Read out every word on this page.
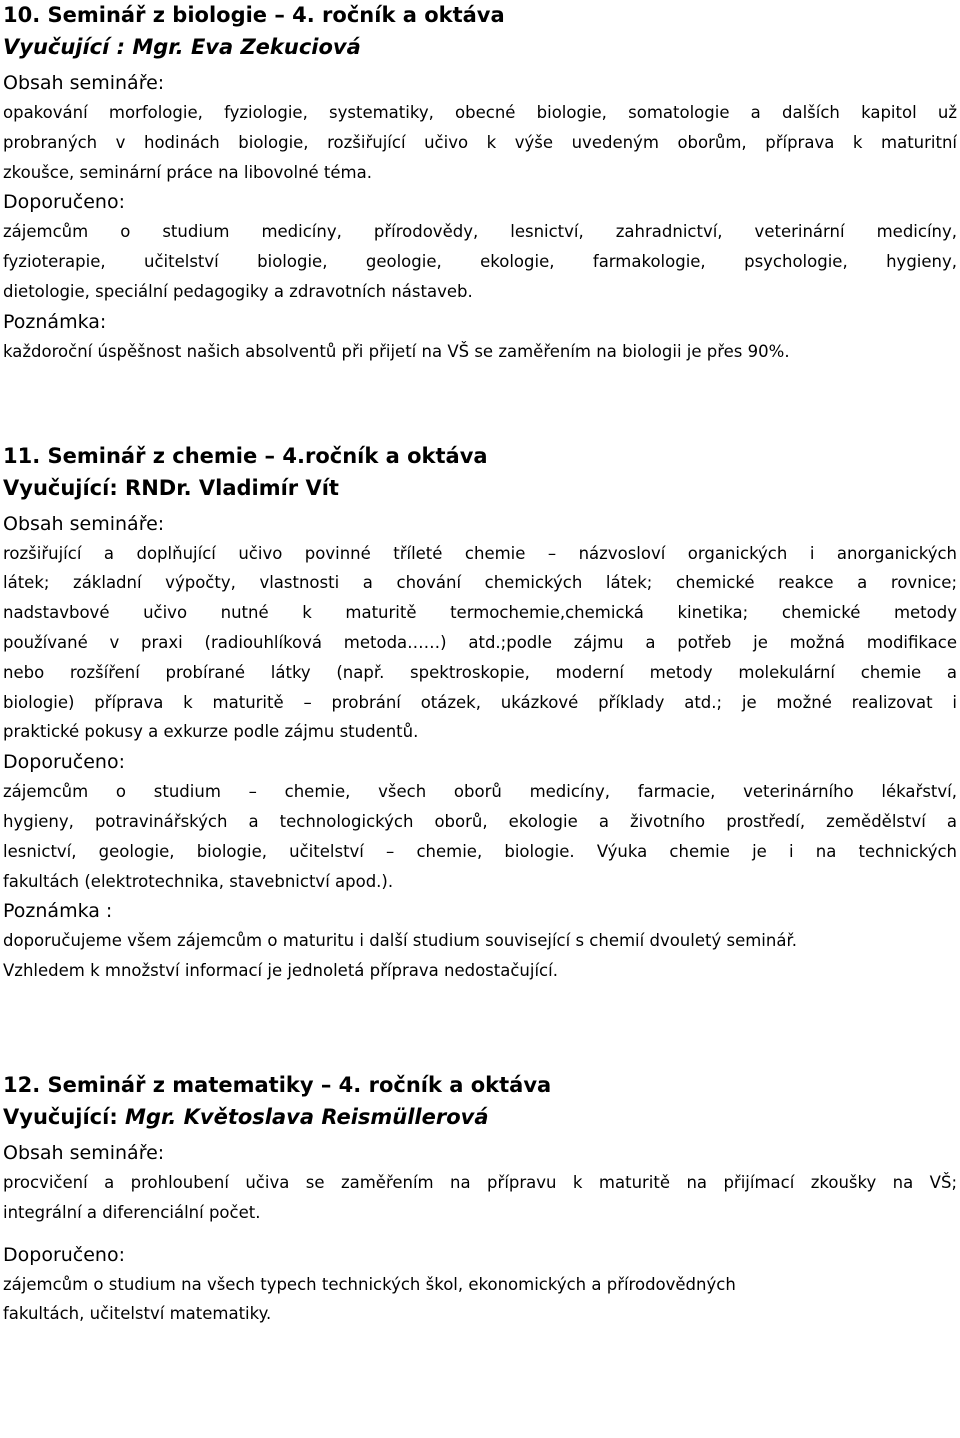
10. Seminář z biologie – 4. ročník a oktáva
Vyučující : Mgr. Eva Zekuciová
Obsah semináře:
opakování morfologie, fyziologie, systematiky, obecné biologie, somatologie a dalších kapitol už
probraných v hodinách biologie, rozšiřující učivo k výše uvedeným oborům, příprava k maturitní
zkoušce, seminární práce na libovolné téma.
Doporučeno:
zájemcům o studium medicíny, přírodovědy, lesnictví, zahradnictví, veterinární medicíny,
fyzioterapie, učitelství biologie, geologie, ekologie, farmakologie, psychologie, hygieny,
dietologie, speciální pedagogiky a zdravotních nástaveb.
Poznámka:
každoroční úspěšnost našich absolventů při přijetí na VŠ se zaměřením na biologii je přes 90%.
11. Seminář z chemie – 4.ročník a oktáva
Vyučující: RNDr. Vladimír Vít
Obsah semináře:
rozšiřující a doplňující učivo povinné tříleté chemie – názvosloví organických i anorganických
látek; základní výpočty, vlastnosti a chování chemických látek; chemické reakce a rovnice;
nadstavbové učivo nutné k maturitě termochemie,chemická kinetika; chemické metody
používané v praxi (radiouhlíková metoda……) atd.;podle zájmu a potřeb je možná modifikace
nebo rozšíření probírané látky (např. spektroskopie, moderní metody molekulární chemie a
biologie) příprava k maturitě – probrání otázek, ukázkové příklady atd.; je možné realizovat i
praktické pokusy a exkurze podle zájmu studentů.
Doporučeno:
zájemcům o studium – chemie, všech oborů medicíny, farmacie, veterinárního lékařství,
hygieny, potravinářských a technologických oborů, ekologie a životního prostředí, zemědělství a
lesnictví, geologie, biologie, učitelství – chemie, biologie. Výuka chemie je i na technických
fakultách (elektrotechnika, stavebnictví apod.).
Poznámka :
doporučujeme všem zájemcům o maturitu i další studium související s chemií dvouletý seminář.
Vzhledem k množství informací je jednoletá příprava nedostačující.
12. Seminář z matematiky – 4. ročník a oktáva
Vyučující: Mgr. Květoslava Reismüllerová
Obsah semináře:
procvičení a prohloubení učiva se zaměřením na přípravu k maturitě na přijímací zkoušky na VŠ;
integrální a diferenciální počet.
Doporučeno:
zájemcům o studium na všech typech technických škol, ekonomických a přírodovědných
fakultách, učitelství matematiky.
